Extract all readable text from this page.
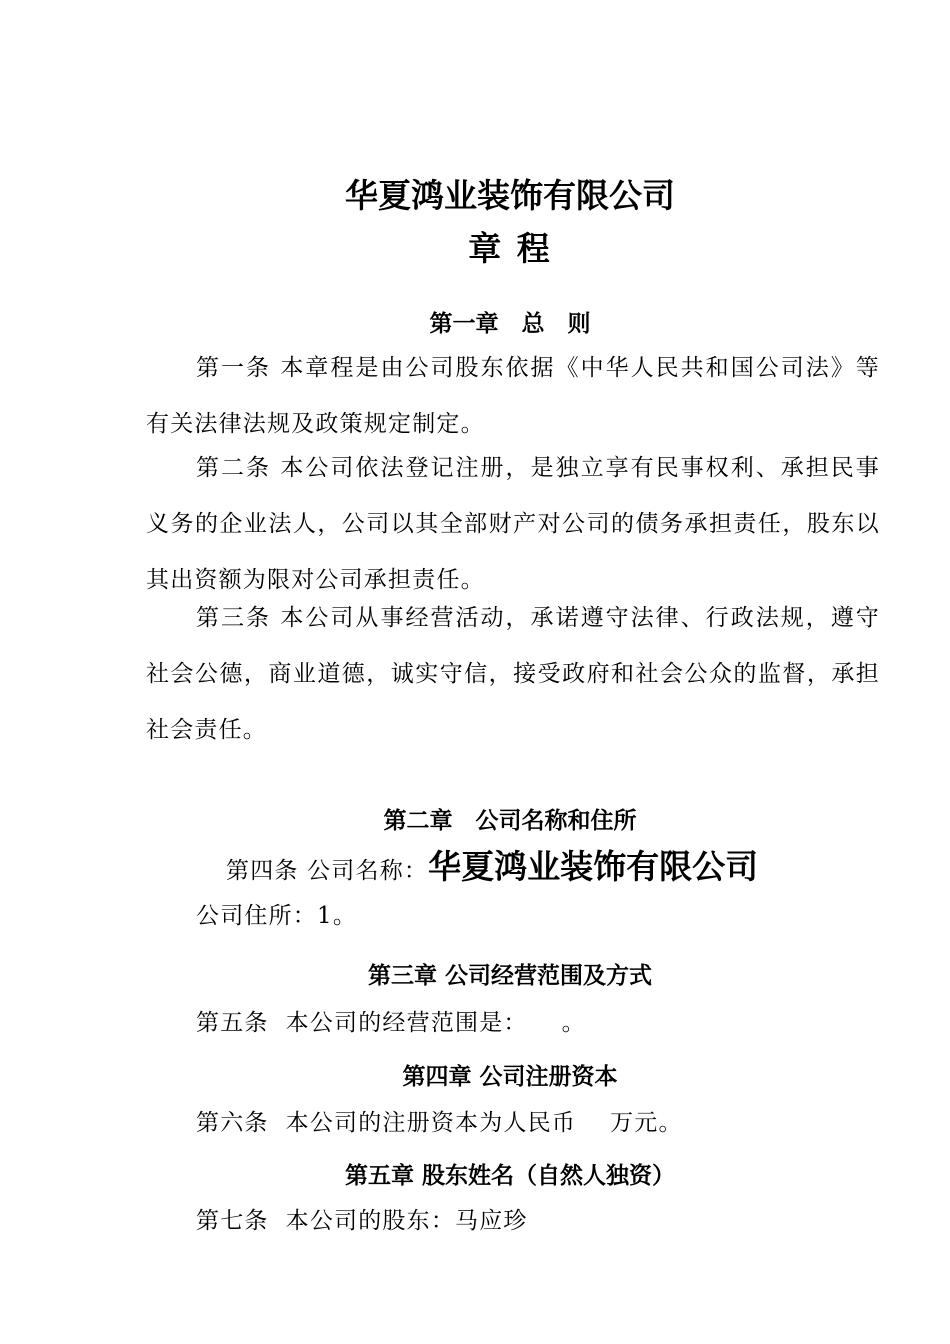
华夏鸿业装饰有限公司
章 程
第一章　总　则
第一条 本章程是由公司股东依据《中华人民共和国公司法》等有关法律法规及政策规定制定。
第二条 本公司依法登记注册，是独立享有民事权利、承担民事义务的企业法人，公司以其全部财产对公司的债务承担责任，股东以其出资额为限对公司承担责任。
第三条 本公司从事经营活动，承诺遵守法律、行政法规，遵守社会公德，商业道德，诚实守信，接受政府和社会公众的监督，承担社会责任。
第二章　公司名称和住所
第四条 公司名称：华夏鸿业装饰有限公司
公司住所：1。
第三章 公司经营范围及方式
第五条  本公司的经营范围是：    。
第四章 公司注册资本
第六条  本公司的注册资本为人民币    万元。
第五章 股东姓名（自然人独资）
第七条  本公司的股东：马应珍
